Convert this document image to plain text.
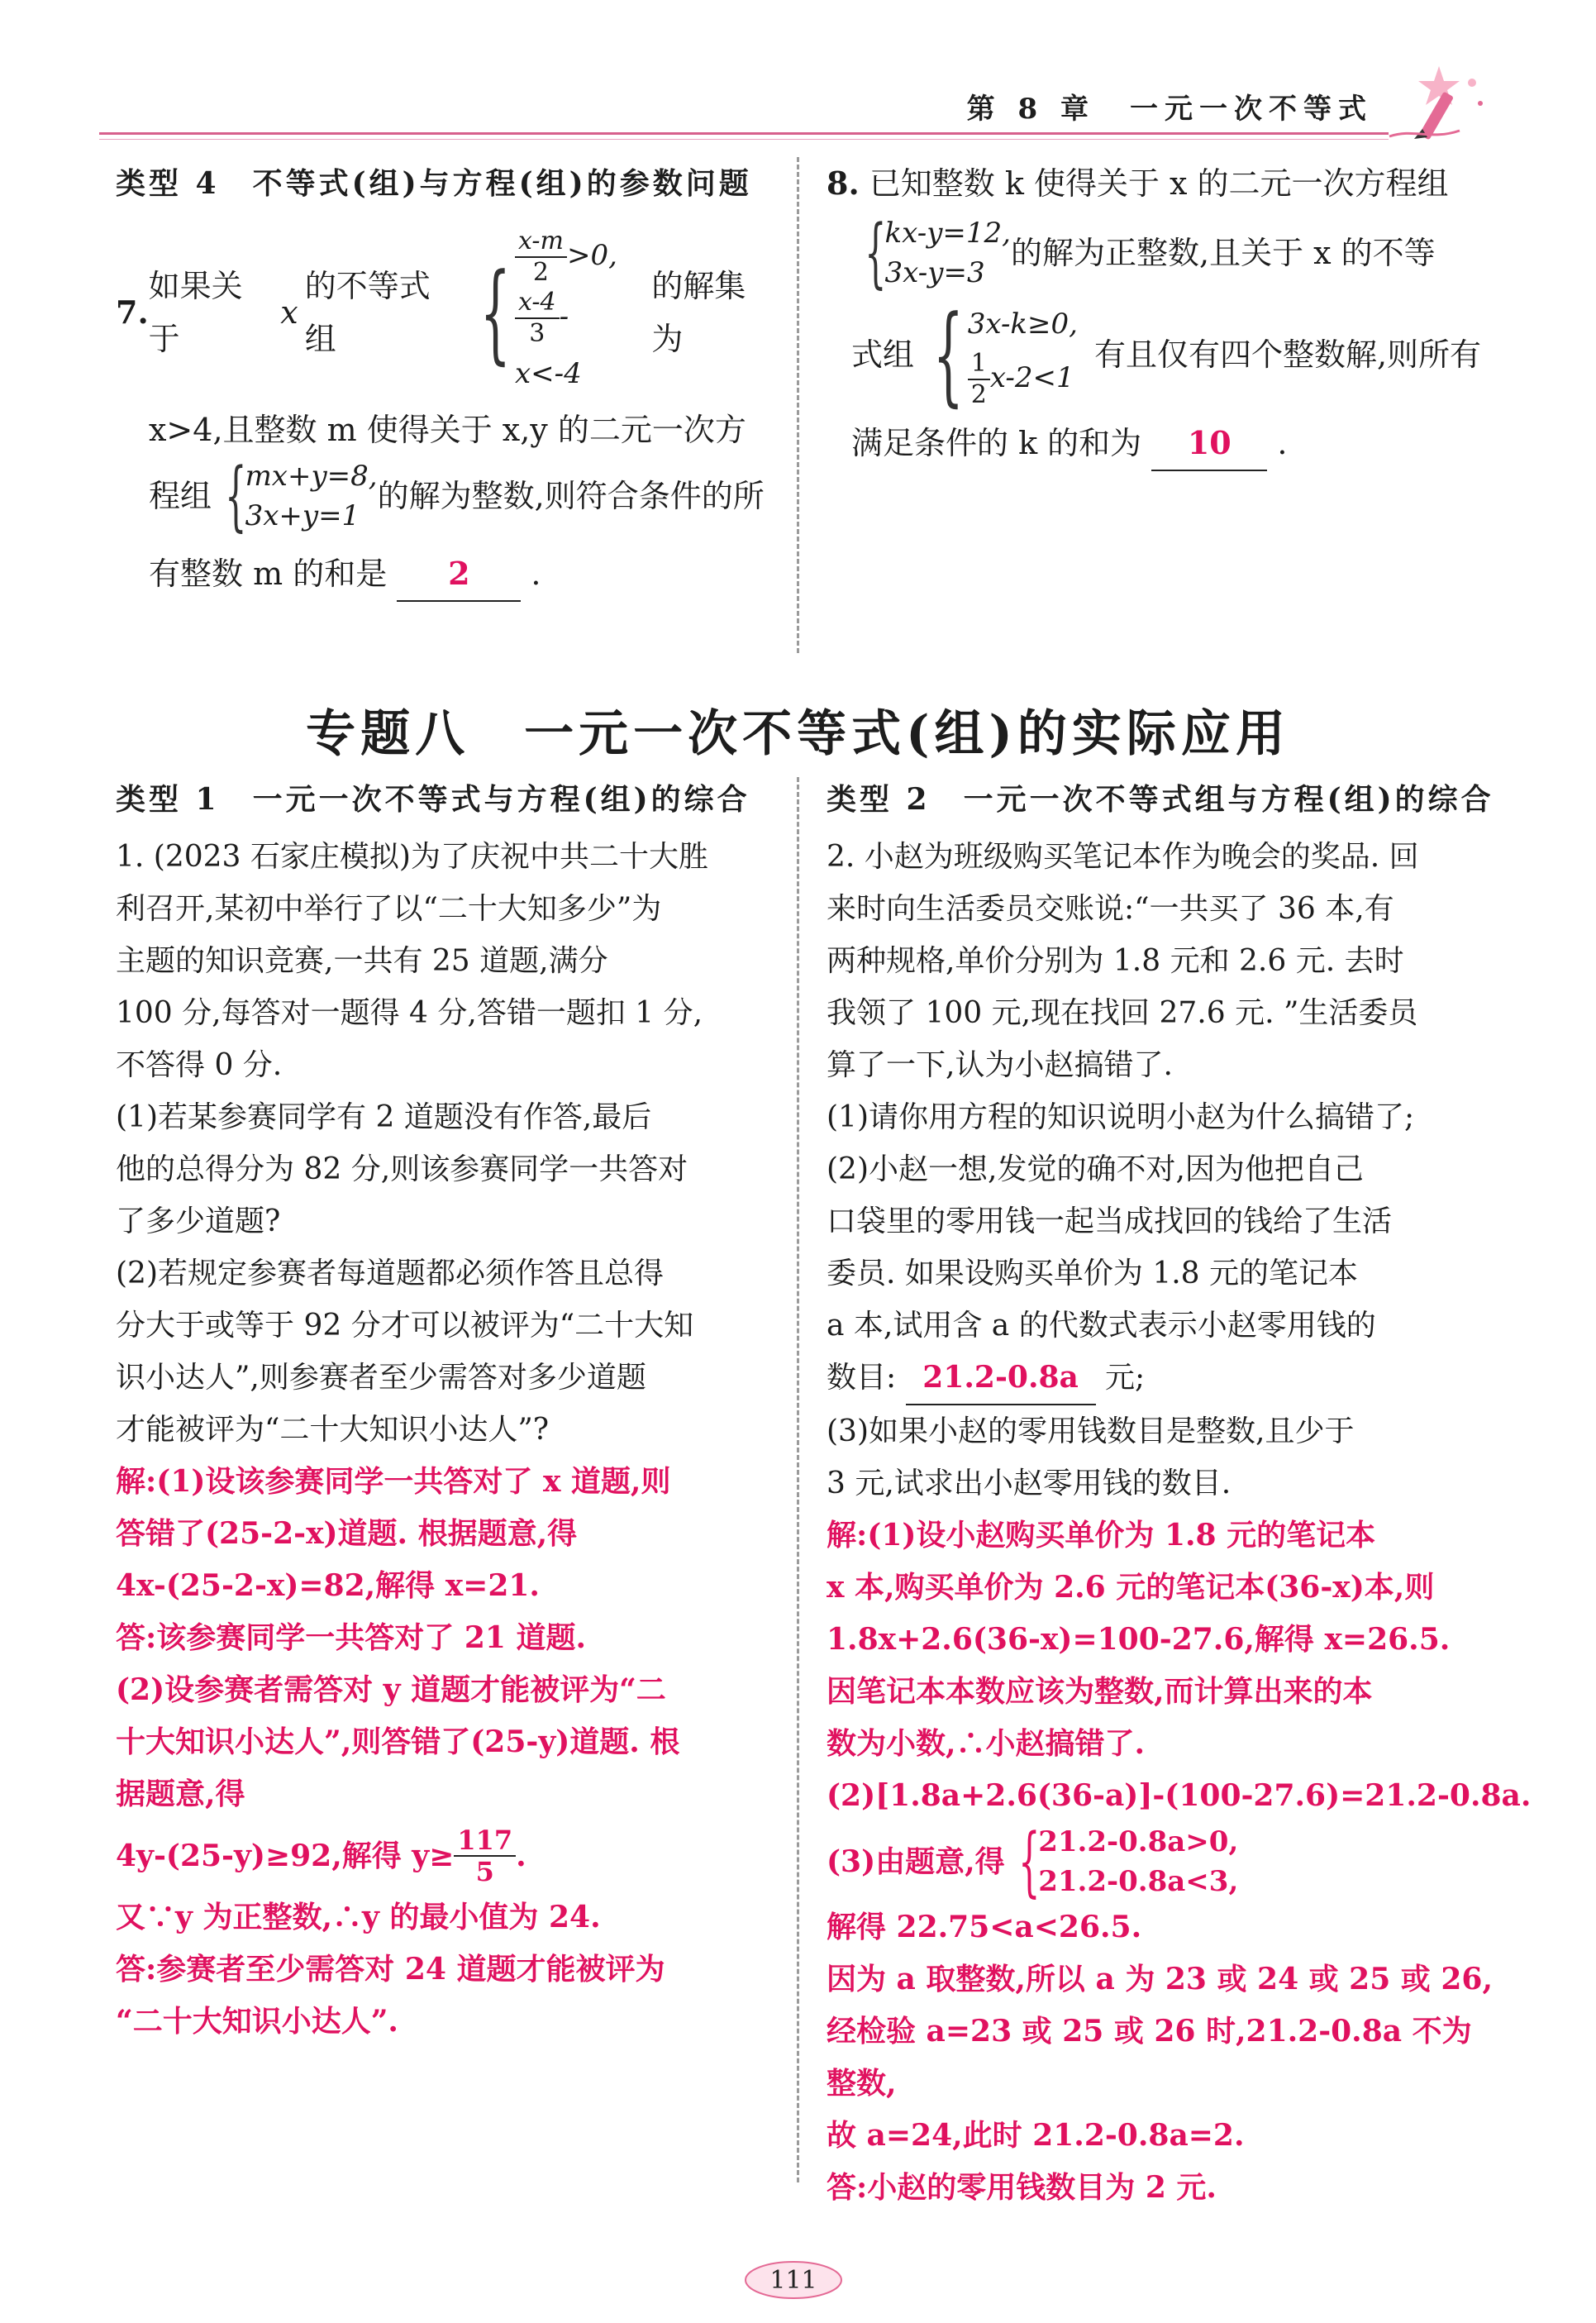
第 8 章　一元一次不等式
类型 4　不等式(组)与方程(组)的参数问题
7.
如果关于
x
的不等式组	{ $\frac{x-m}{2} >0$,
$\frac{x-4}{3} -x<-4$
的解集为
x>4,且整数 m 使得关于 x,y 的二元一次方
程组 {
mx+y=8,
3x+y=1
的解为整数,则符合条件的所
有整数 m 的和是 2 .
8. 已知整数 k 使得关于 x 的二元一次方程组
{
kx-y=12,
3x-y=3
的解为正整数,且关于 x 的不等
式组 { 3x-k≥0,
$\frac{1}{2} x-2<1$
有且仅有四个整数解,则所有
满足条件的 k 的和为 10 .
专题八　一元一次不等式(组)的实际应用
类型 1　一元一次不等式与方程(组)的综合
1. (2023 石家庄模拟)为了庆祝中共二十大胜
利召开,某初中举行了以“二十大知多少”为
主题的知识竞赛,一共有 25 道题,满分
100 分,每答对一题得 4 分,答错一题扣 1 分,
不答得 0 分.
(1)若某参赛同学有 2 道题没有作答,最后
他的总得分为 82 分,则该参赛同学一共答对
了多少道题?
(2)若规定参赛者每道题都必须作答且总得
分大于或等于 92 分才可以被评为“二十大知
识小达人”,则参赛者至少需答对多少道题
才能被评为“二十大知识小达人”?
解:(1)设该参赛同学一共答对了 x 道题,则
答错了(25-2-x)道题. 根据题意,得
4x-(25-2-x)=82,解得 x=21.
答:该参赛同学一共答对了 21 道题.
(2)设参赛者需答对 y 道题才能被评为“二
十大知识小达人”,则答错了(25-y)道题. 根
据题意,得
4y-(25-y)≥92,解得 $y\ge \frac{117}{5}$ .
又∵y 为正整数,∴y 的最小值为 24.
答:参赛者至少需答对 24 道题才能被评为
“二十大知识小达人”.
类型 2　一元一次不等式组与方程(组)的综合
2. 小赵为班级购买笔记本作为晚会的奖品. 回
来时向生活委员交账说:“一共买了 36 本,有
两种规格,单价分别为 1.8 元和 2.6 元. 去时
我领了 100 元,现在找回 27.6 元. ”生活委员
算了一下,认为小赵搞错了.
(1)请你用方程的知识说明小赵为什么搞错了;
(2)小赵一想,发觉的确不对,因为他把自己
口袋里的零用钱一起当成找回的钱给了生活
委员. 如果设购买单价为 1.8 元的笔记本
a 本,试用含 a 的代数式表示小赵零用钱的
数目: 21.2-0.8a 元;
(3)如果小赵的零用钱数目是整数,且少于
3 元,试求出小赵零用钱的数目.
解:(1)设小赵购买单价为 1.8 元的笔记本
x 本,购买单价为 2.6 元的笔记本(36-x)本,则
1.8x+2.6(36-x)=100-27.6,解得 x=26.5.
因笔记本本数应该为整数,而计算出来的本
数为小数,∴小赵搞错了.
(2)[1.8a+2.6(36-a)]-(100-27.6)=21.2-0.8a.
(3)由题意,得 {
21.2-0.8a>0,
21.2-0.8a<3,
解得 22.75<a<26.5.
因为 a 取整数,所以 a 为 23 或 24 或 25 或 26,
经检验 a=23 或 25 或 26 时,21.2-0.8a 不为
整数,
故 a=24,此时 21.2-0.8a=2.
答:小赵的零用钱数目为 2 元.
111
